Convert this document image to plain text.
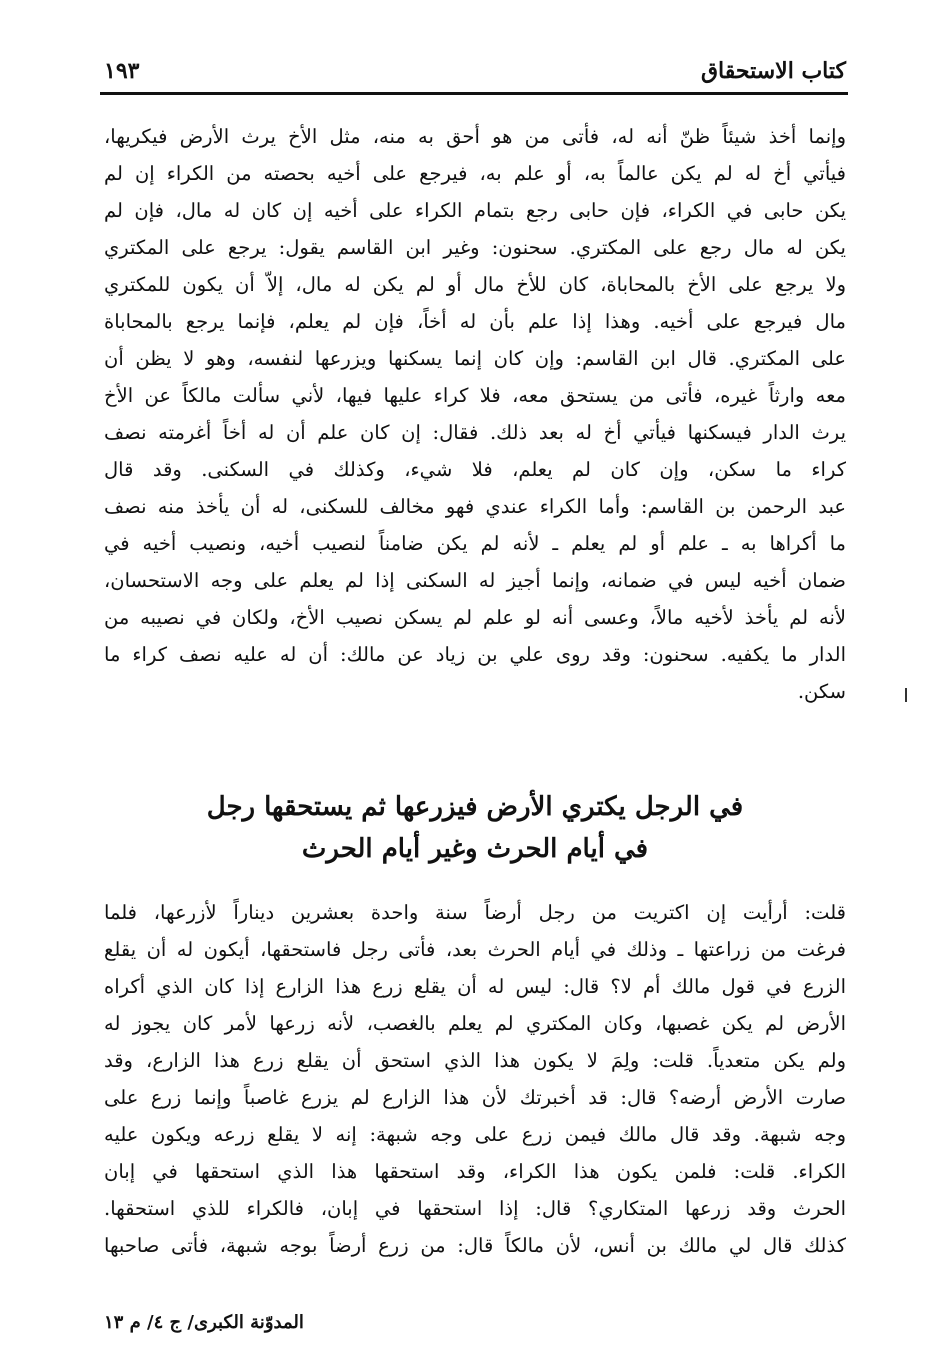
كتاب الاستحقاق
١٩٣
وإنما أخذ شيئاً ظنّ أنه له، فأتى من هو أحق به منه، مثل الأخ يرث الأرض فيكريها،
فيأتي أخ له لم يكن عالماً به، أو علم به، فيرجع على أخيه بحصته من الكراء إن لم
يكن حابى في الكراء، فإن حابى رجع بتمام الكراء على أخيه إن كان له مال، فإن لم
يكن له مال رجع على المكتري. سحنون: وغير ابن القاسم يقول: يرجع على المكتري
ولا يرجع على الأخ بالمحاباة، كان للأخ مال أو لم يكن له مال، إلاّ أن يكون للمكتري
مال فيرجع على أخيه. وهذا إذا علم بأن له أخاً، فإن لم يعلم، فإنما يرجع بالمحاباة
على المكتري. قال ابن القاسم: وإن كان إنما يسكنها ويزرعها لنفسه، وهو لا يظن أن
معه وارثاً غيره، فأتى من يستحق معه، فلا كراء عليها فيها، لأني سألت مالكاً عن الأخ
يرث الدار فيسكنها فيأتي أخ له بعد ذلك. فقال: إن كان علم أن له أخاً أغرمته نصف
كراء ما سكن، وإن كان لم يعلم، فلا شيء، وكذلك في السكنى. وقد قال
عبد الرحمن بن القاسم: وأما الكراء عندي فهو مخالف للسكنى، له أن يأخذ منه نصف
ما أكراها به ـ علم أو لم يعلم ـ لأنه لم يكن ضامناً لنصيب أخيه، ونصيب أخيه في
ضمان أخيه ليس في ضمانه، وإنما أجيز له السكنى إذا لم يعلم على وجه الاستحسان،
لأنه لم يأخذ لأخيه مالاً، وعسى أنه لو علم لم يسكن نصيب الأخ، ولكان في نصيبه من
الدار ما يكفيه. سحنون: وقد روى علي بن زياد عن مالك: أن له عليه نصف كراء ما
سكن.
في الرجل يكتري الأرض فيزرعها ثم يستحقها رجل
في أيام الحرث وغير أيام الحرث
قلت: أرأيت إن اكتريت من رجل أرضاً سنة واحدة بعشرين ديناراً لأزرعها، فلما
فرغت من زراعتها ـ وذلك في أيام الحرث بعد، فأتى رجل فاستحقها، أيكون له أن يقلع
الزرع في قول مالك أم لا؟ قال: ليس له أن يقلع زرع هذا الزارع إذا كان الذي أكراه
الأرض لم يكن غصبها، وكان المكتري لم يعلم بالغصب، لأنه زرعها لأمر كان يجوز له
ولم يكن متعدياً. قلت: ولِمَ لا يكون هذا الذي استحق أن يقلع زرع هذا الزارع، وقد
صارت الأرض أرضه؟ قال: قد أخبرتك لأن هذا الزارع لم يزرع غاصباً وإنما زرع على
وجه شبهة. وقد قال مالك فيمن زرع على وجه شبهة: إنه لا يقلع زرعه ويكون عليه
الكراء. قلت: فلمن يكون هذا الكراء، وقد استحقها هذا الذي استحقها في إبان
الحرث وقد زرعها المتكاري؟ قال: إذا استحقها في إبان، فالكراء للذي استحقها.
كذلك قال لي مالك بن أنس، لأن مالكاً قال: من زرع أرضاً بوجه شبهة، فأتى صاحبها
المدوّنة الكبرى/ ج ٤/ م ١٣
